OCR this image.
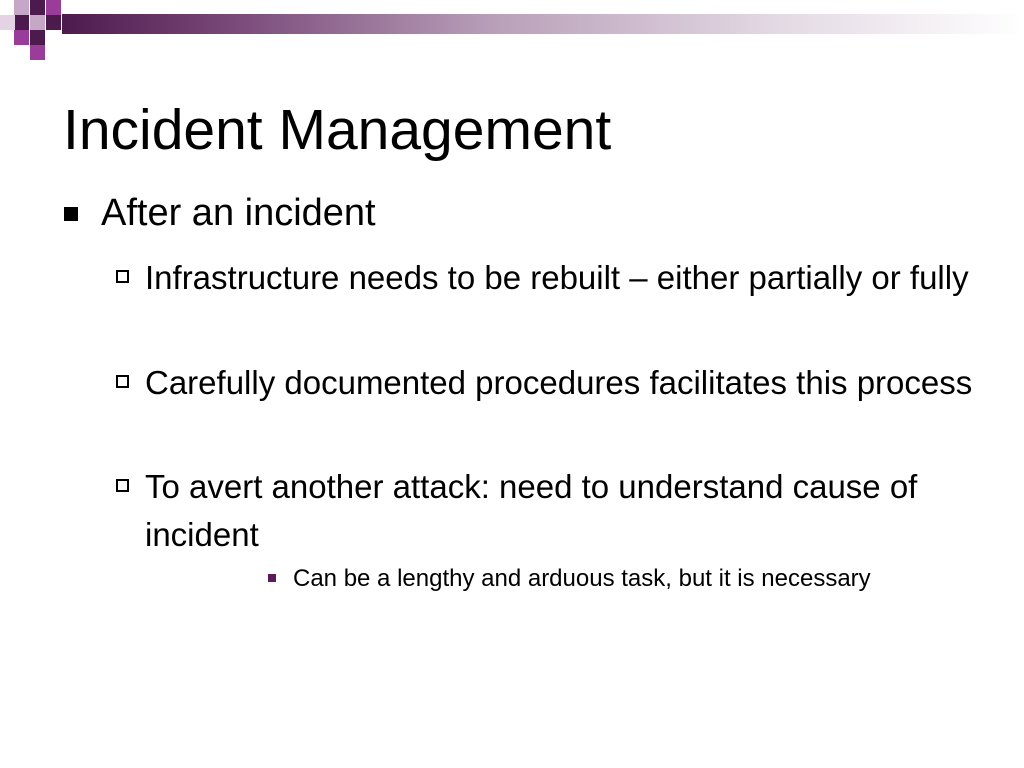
Incident Management
After an incident
Infrastructure needs to be rebuilt – either partially or fully
Carefully documented procedures facilitates this process
To avert another attack: need to understand cause of incident
Can be a lengthy and arduous task, but it is necessary
